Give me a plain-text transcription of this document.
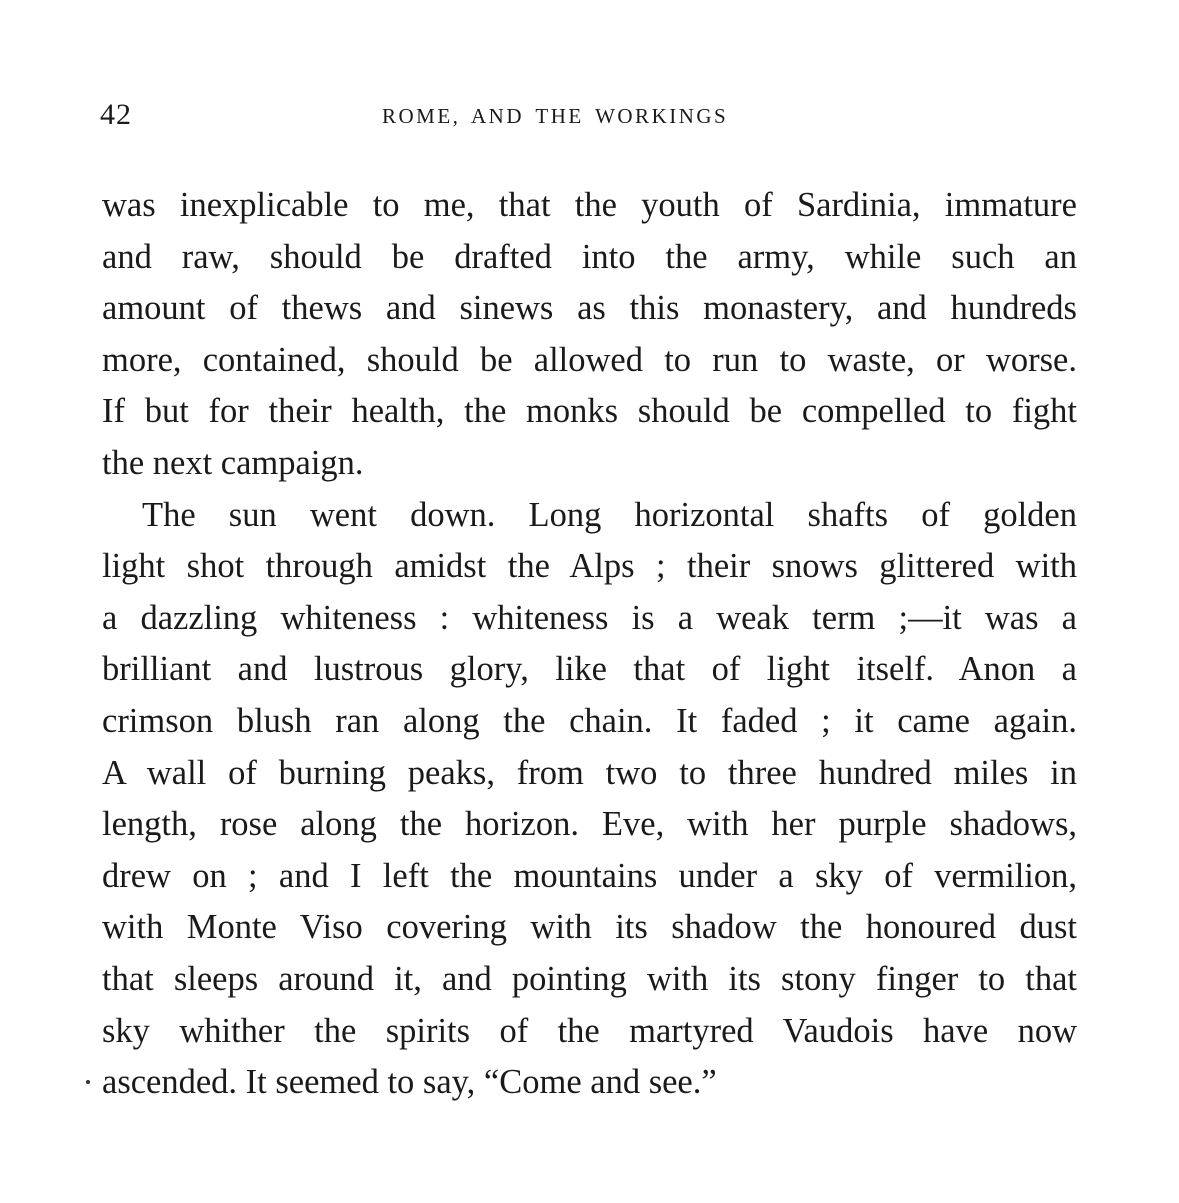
42	ROME, AND THE WORKINGS
was inexplicable to me, that the youth of Sardinia, immature
and raw, should be drafted into the army, while such an
amount of thews and sinews as this monastery, and hundreds
more, contained, should be allowed to run to waste, or worse.
If but for their health, the monks should be compelled to fight
the next campaign.
The sun went down. Long horizontal shafts of golden
light shot through amidst the Alps ; their snows glittered with
a dazzling whiteness : whiteness is a weak term ;—it was a
brilliant and lustrous glory, like that of light itself. Anon a
crimson blush ran along the chain. It faded ; it came again.
A wall of burning peaks, from two to three hundred miles in
length, rose along the horizon. Eve, with her purple shadows,
drew on ; and I left the mountains under a sky of vermilion,
with Monte Viso covering with its shadow the honoured dust
that sleeps around it, and pointing with its stony finger to that
sky whither the spirits of the martyred Vaudois have now
ascended. It seemed to say, “Come and see.”
